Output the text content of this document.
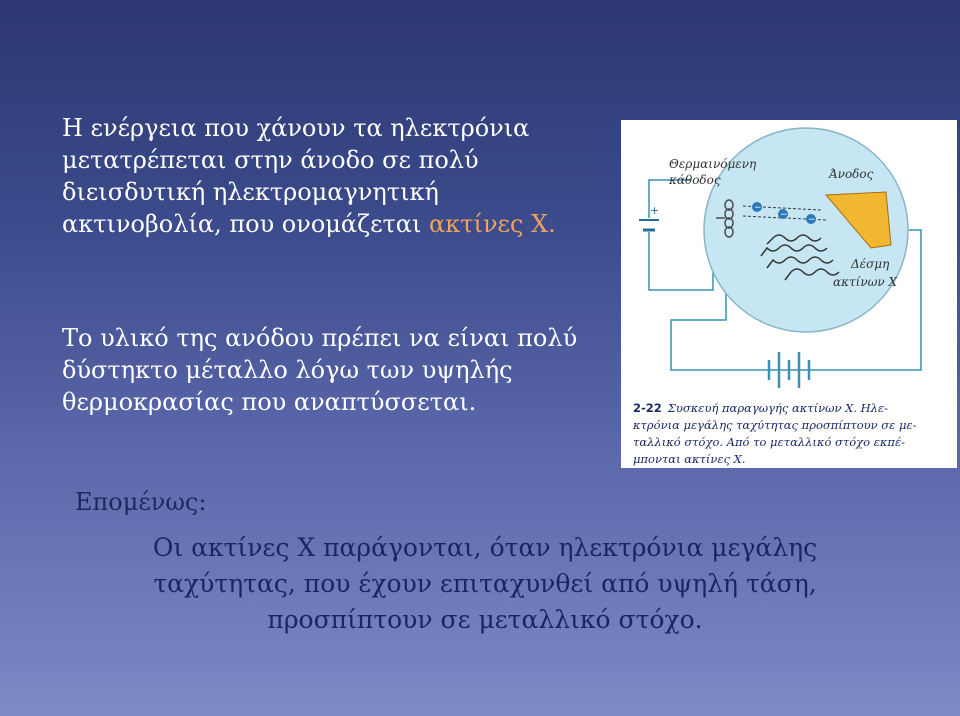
Η ενέργεια που χάνουν τα ηλεκτρόνια
μετατρέπεται στην άνοδο σε πολύ
διεισδυτική ηλεκτρομαγνητική
ακτινοβολία, που ονομάζεται ακτίνες Χ.
Το υλικό της ανόδου πρέπει να είναι πολύ
δύστηκτο μέταλλο λόγω των υψηλής
θερμοκρασίας που αναπτύσσεται.
+	−
− −
Θερμαινόμενη
κάθοδος	Άνοδος
Δέσμη
ακτίνων Χ
2-22 Συσκευή παραγωγής ακτίνων Χ. Ηλε-
κτρόνια μεγάλης ταχύτητας προσπίπτουν σε με-
ταλλικό στόχο. Από το μεταλλικό στόχο εκπέ-
μπονται ακτίνες Χ.
Επομένως:
Οι ακτίνες Χ παράγονται, όταν ηλεκτρόνια μεγάλης
ταχύτητας, που έχουν επιταχυνθεί από υψηλή τάση,
προσπίπτουν σε μεταλλικό στόχο.
